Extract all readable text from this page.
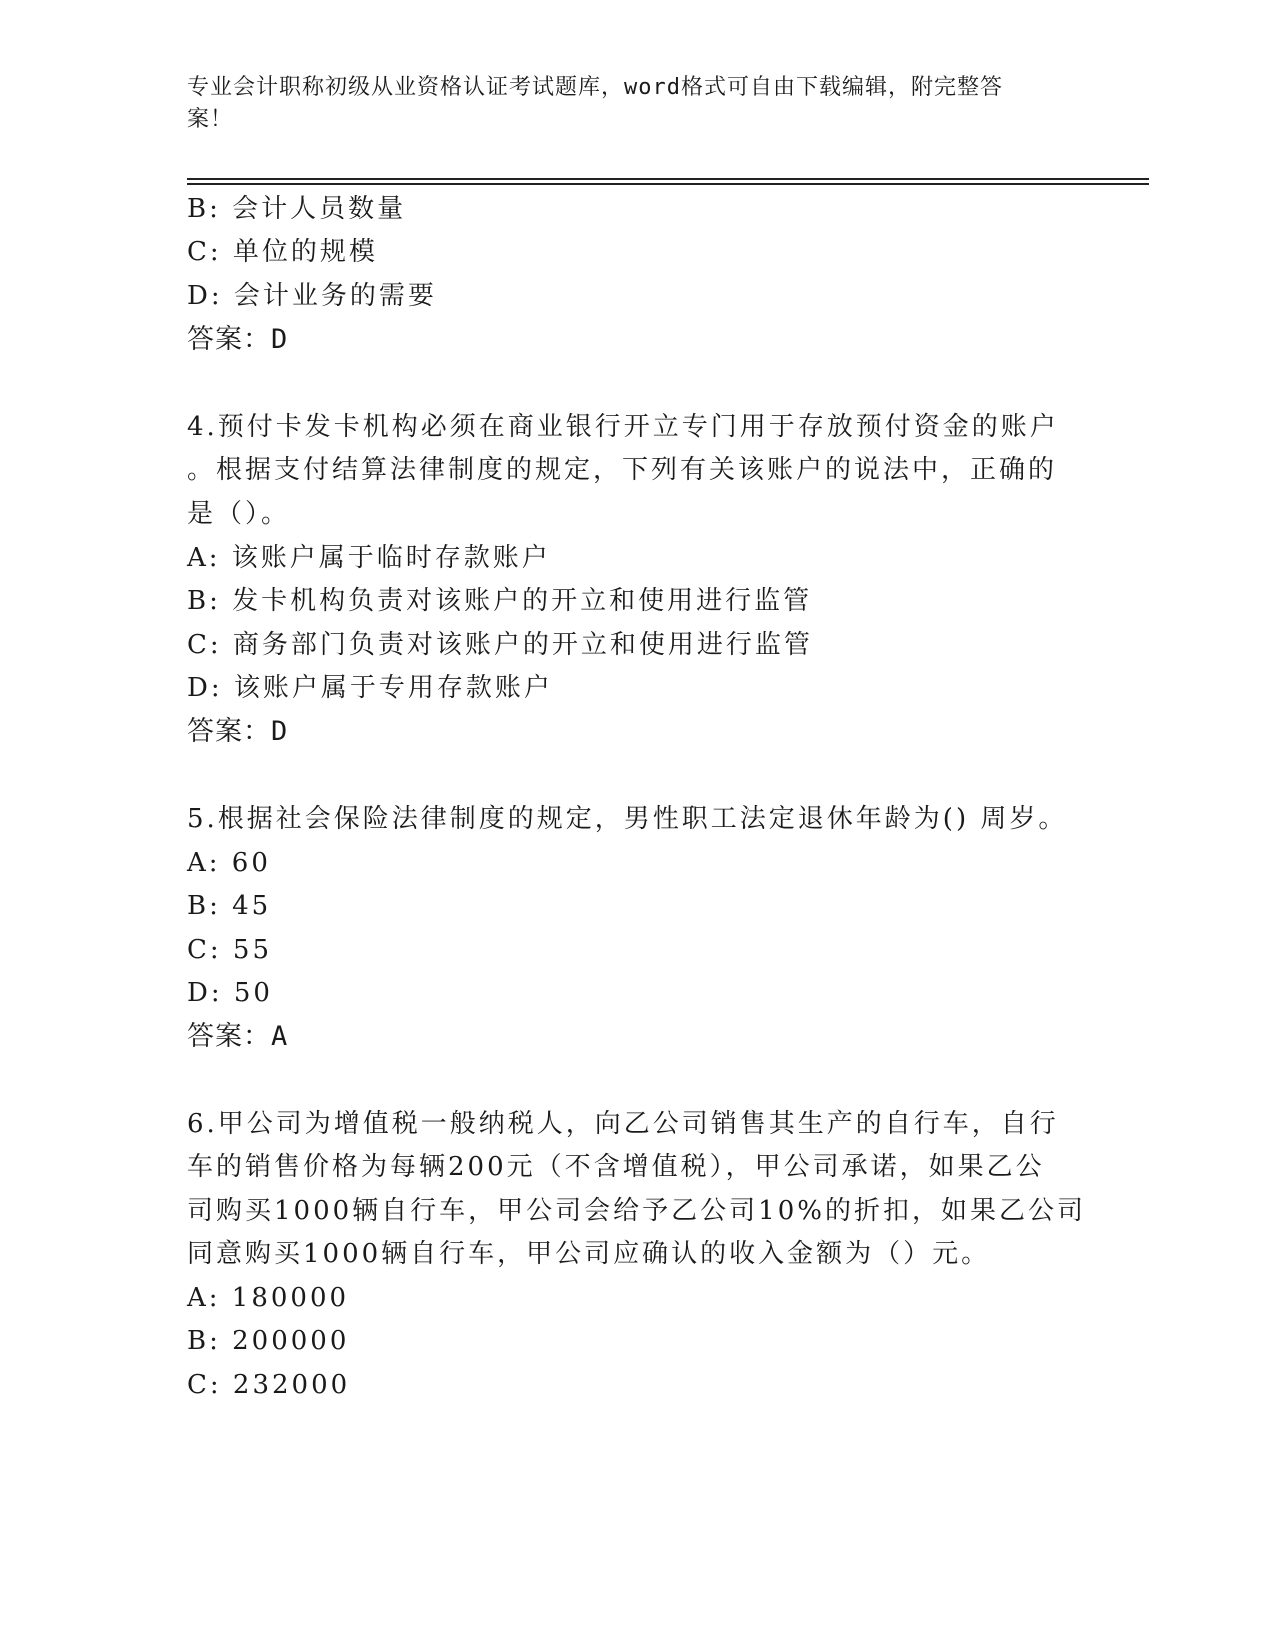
专业会计职称初级从业资格认证考试题库，word格式可自由下载编辑，附完整答
案！
B: 会计人员数量
C: 单位的规模
D: 会计业务的需要
答案：D
4.预付卡发卡机构必须在商业银行开立专门用于存放预付资金的账户
。根据支付结算法律制度的规定，下列有关该账户的说法中，正确的
是（）。
A: 该账户属于临时存款账户
B: 发卡机构负责对该账户的开立和使用进行监管
C: 商务部门负责对该账户的开立和使用进行监管
D: 该账户属于专用存款账户
答案：D
5.根据社会保险法律制度的规定，男性职工法定退休年龄为() 周岁。
A: 60
B: 45
C: 55
D: 50
答案：A
6.甲公司为增值税一般纳税人，向乙公司销售其生产的自行车，自行
车的销售价格为每辆200元（不含增值税），甲公司承诺，如果乙公
司购买1000辆自行车，甲公司会给予乙公司10%的折扣，如果乙公司
同意购买1000辆自行车，甲公司应确认的收入金额为（）元。
A: 180000
B: 200000
C: 232000
